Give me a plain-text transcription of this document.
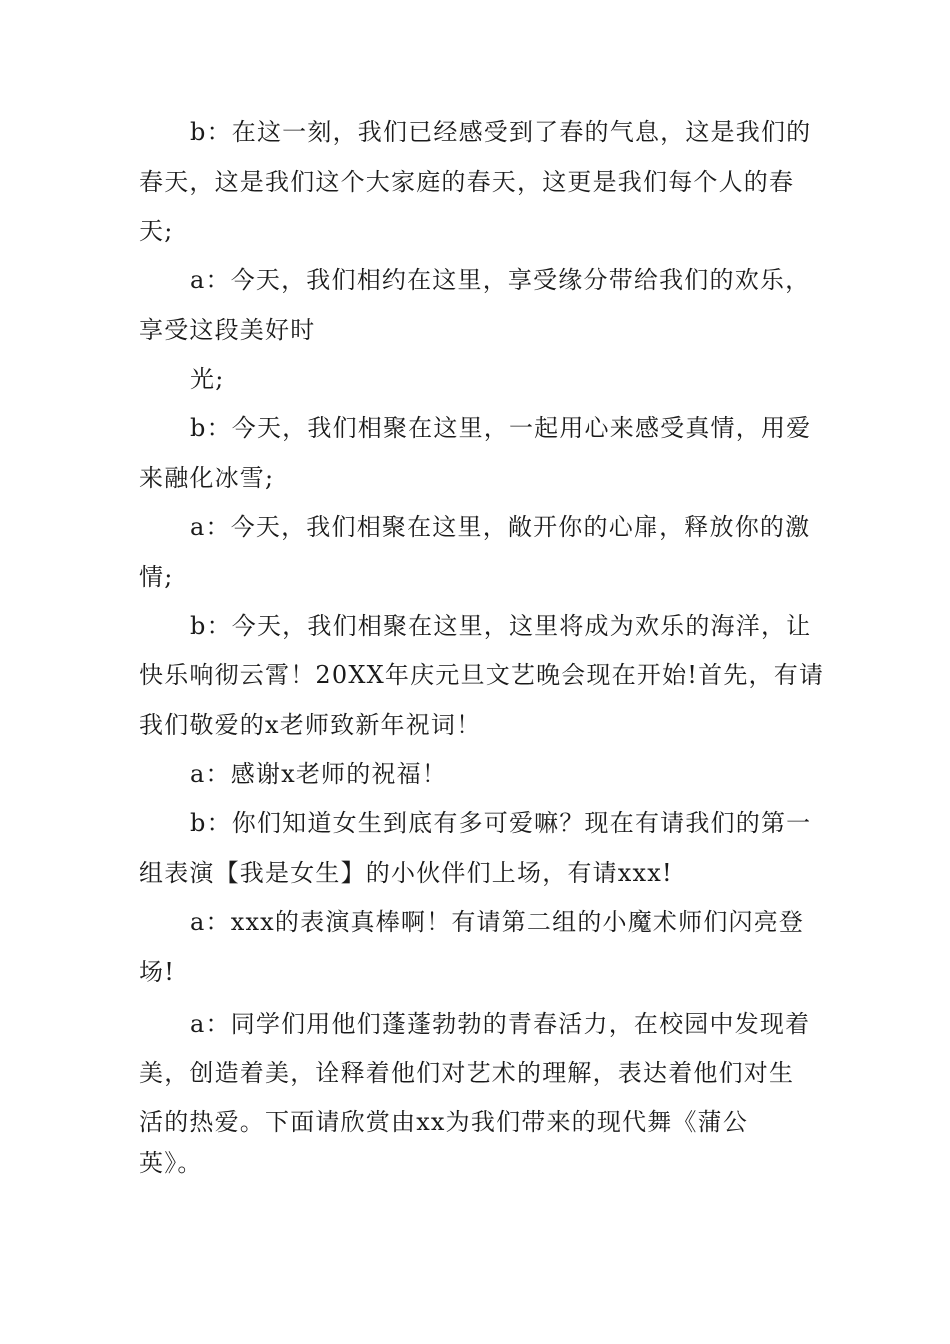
b：在这一刻，我们已经感受到了春的气息，这是我们的
春天，这是我们这个大家庭的春天，这更是我们每个人的春
天;
a：今天，我们相约在这里，享受缘分带给我们的欢乐，
享受这段美好时
光;
b：今天，我们相聚在这里，一起用心来感受真情，用爱
来融化冰雪;
a：今天，我们相聚在这里，敞开你的心扉，释放你的激
情;
b：今天，我们相聚在这里，这里将成为欢乐的海洋，让
快乐响彻云霄！20XX年庆元旦文艺晚会现在开始!首先，有请
我们敬爱的x老师致新年祝词！
a：感谢x老师的祝福！
b：你们知道女生到底有多可爱嘛？现在有请我们的第一
组表演【我是女生】的小伙伴们上场，有请xxx!
a：xxx的表演真棒啊！有请第二组的小魔术师们闪亮登
场!
a：同学们用他们蓬蓬勃勃的青春活力，在校园中发现着
美，创造着美，诠释着他们对艺术的理解，表达着他们对生
活的热爱。下面请欣赏由xx为我们带来的现代舞《蒲公
英》。
